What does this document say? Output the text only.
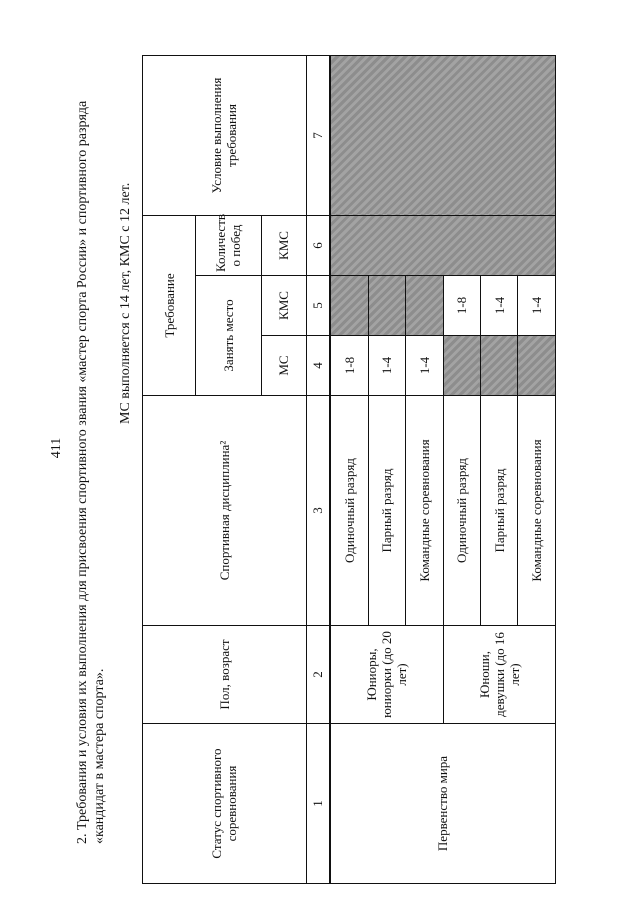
411 2. Требования и условия их выполнения для присвоения спортивного звания «мастер спорта России» и спортивного разряда «кандидат в мастера спорта».
МС выполняется с 14 лет, КМС с 12 лет.
Статус спортивного соревнования	Пол, возраст	Спортивная дисциплина²	Требование			Условие выполнения требования
			Занять место		Количеств о побед	
			МС	КМС	КМС	
1	2	3	4	5	6	7
Первенство мира	Юниоры, юниорки (до 20 лет)	Одиночный разряд	1-8			
		Парный разряд	1-4			
		Командные соревнования	1-4			
	Юноши, девушки (до 16 лет)	Одиночный разряд		1-8		
		Парный разряд		1-4		
		Командные соревнования		1-4		
